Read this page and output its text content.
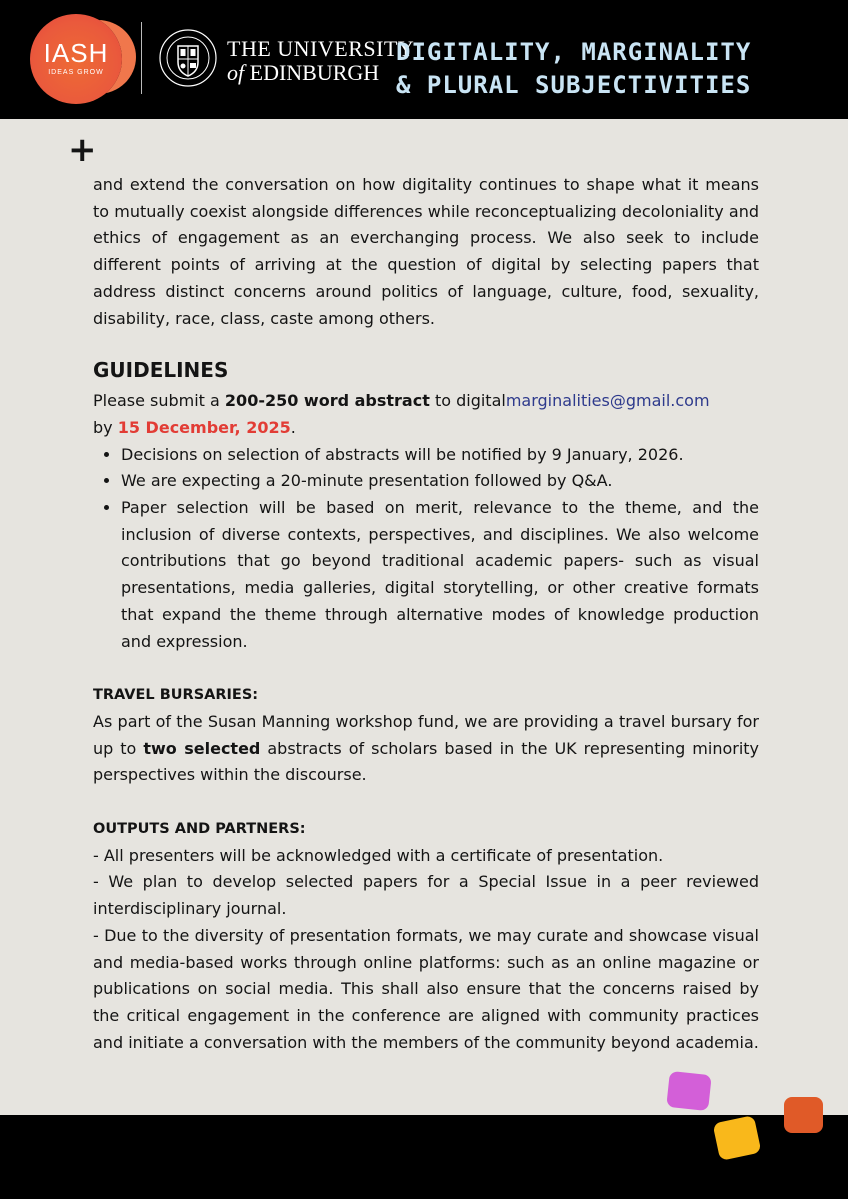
IASH
IDEAS GROW
THE UNIVERSITY
of EDINBURGH
DIGITALITY, MARGINALITY
& PLURAL SUBJECTIVITIES
+

and extend the conversation on how digitality continues to shape what it means to mutually coexist alongside differences while reconceptualizing decoloniality and ethics of engagement as an everchanging process. We also seek to include different points of arriving at the question of digital by selecting papers that address distinct concerns around politics of language, culture, food, sexuality, disability, race, class, caste among others.

GUIDELINES

Please submit a 200-250 word abstract to digitalmarginalities@gmail.com
by 15 December, 2025.

• Decisions on selection of abstracts will be notified by 9 January, 2026.
• We are expecting a 20-minute presentation followed by Q&A.
• Paper selection will be based on merit, relevance to the theme, and the inclusion of diverse contexts, perspectives, and disciplines. We also welcome contributions that go beyond traditional academic papers- such as visual presentations, media galleries, digital storytelling, or other creative formats that expand the theme through alternative modes of knowledge production and expression.
TRAVEL BURSARIES:

As part of the Susan Manning workshop fund, we are providing a travel bursary for up to two selected abstracts of scholars based in the UK representing minority perspectives within the discourse.

OUTPUTS AND PARTNERS:

- All presenters will be acknowledged with a certificate of presentation.

- We plan to develop selected papers for a Special Issue in a peer reviewed interdisciplinary journal.

- Due to the diversity of presentation formats, we may curate and showcase visual and media-based works through online platforms: such as an online magazine or publications on social media. This shall also ensure that the concerns raised by the critical engagement in the conference are aligned with community practices and initiate a conversation with the members of the community beyond academia.
